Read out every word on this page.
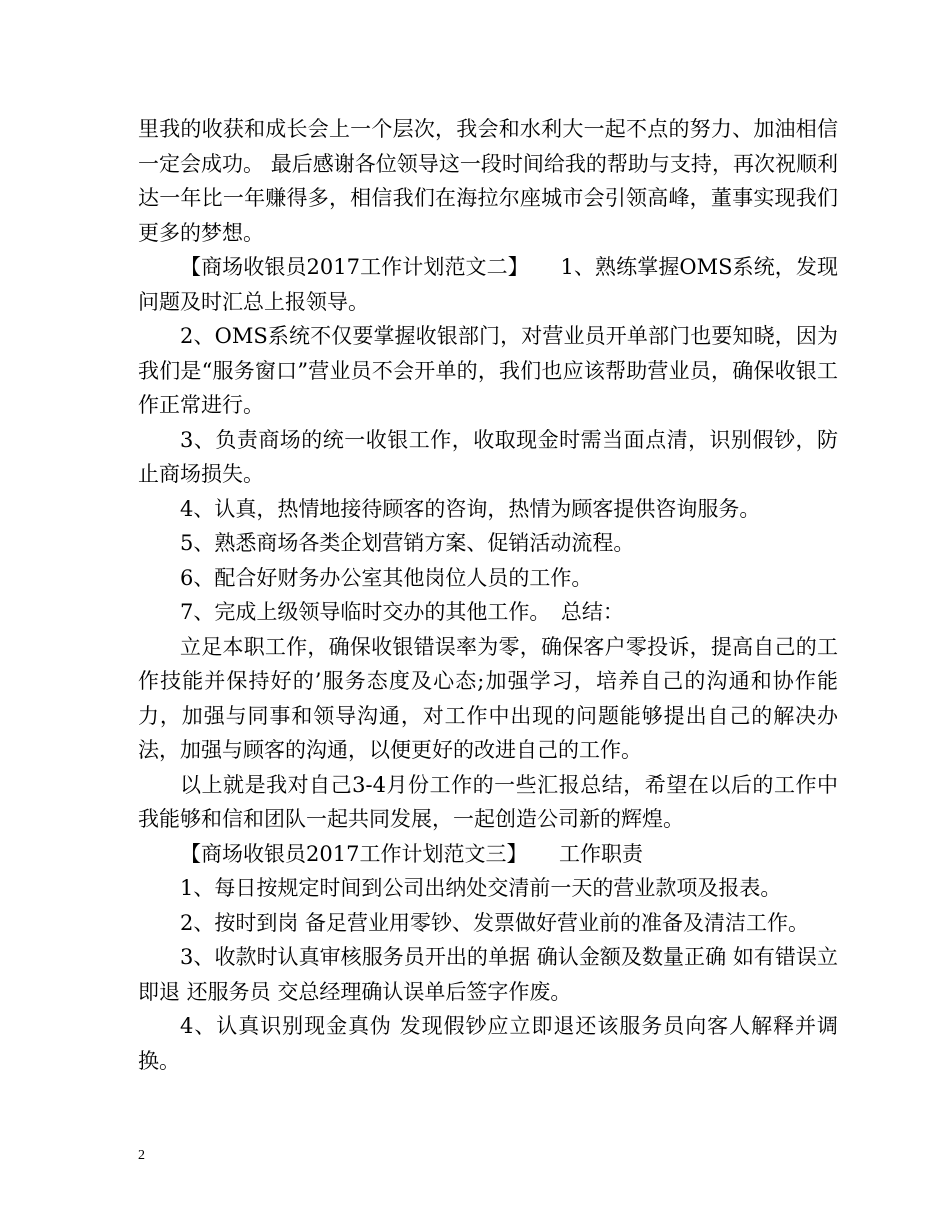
里我的收获和成长会上一个层次，我会和水利大一起不点的努力、加油相信一定会成功。 最后感谢各位领导这一段时间给我的帮助与支持，再次祝顺利达一年比一年赚得多，相信我们在海拉尔座城市会引领高峰，董事实现我们更多的梦想。

【商场收银员2017工作计划范文二】　　1、熟练掌握OMS系统，发现问题及时汇总上报领导。

2、OMS系统不仅要掌握收银部门，对营业员开单部门也要知晓，因为我们是“服务窗口”营业员不会开单的，我们也应该帮助营业员，确保收银工作正常进行。

3、负责商场的统一收银工作，收取现金时需当面点清，识别假钞，防止商场损失。

4、认真，热情地接待顾客的咨询，热情为顾客提供咨询服务。

5、熟悉商场各类企划营销方案、促销活动流程。

6、配合好财务办公室其他岗位人员的工作。

7、完成上级领导临时交办的其他工作。　总结：

立足本职工作，确保收银错误率为零，确保客户零投诉，提高自己的工作技能并保持好的’服务态度及心态;加强学习，培养自己的沟通和协作能力，加强与同事和领导沟通，对工作中出现的问题能够提出自己的解决办法，加强与顾客的沟通，以便更好的改进自己的工作。

以上就是我对自己3-4月份工作的一些汇报总结，希望在以后的工作中我能够和信和团队一起共同发展，一起创造公司新的辉煌。

【商场收银员2017工作计划范文三】　　工作职责

1、每日按规定时间到公司出纳处交清前一天的营业款项及报表。

2、按时到岗 备足营业用零钞、发票做好营业前的准备及清洁工作。

3、收款时认真审核服务员开出的单据 确认金额及数量正确 如有错误立即退 还服务员 交总经理确认误单后签字作废。

4、认真识别现金真伪 发现假钞应立即退还该服务员向客人解释并调换。

2
